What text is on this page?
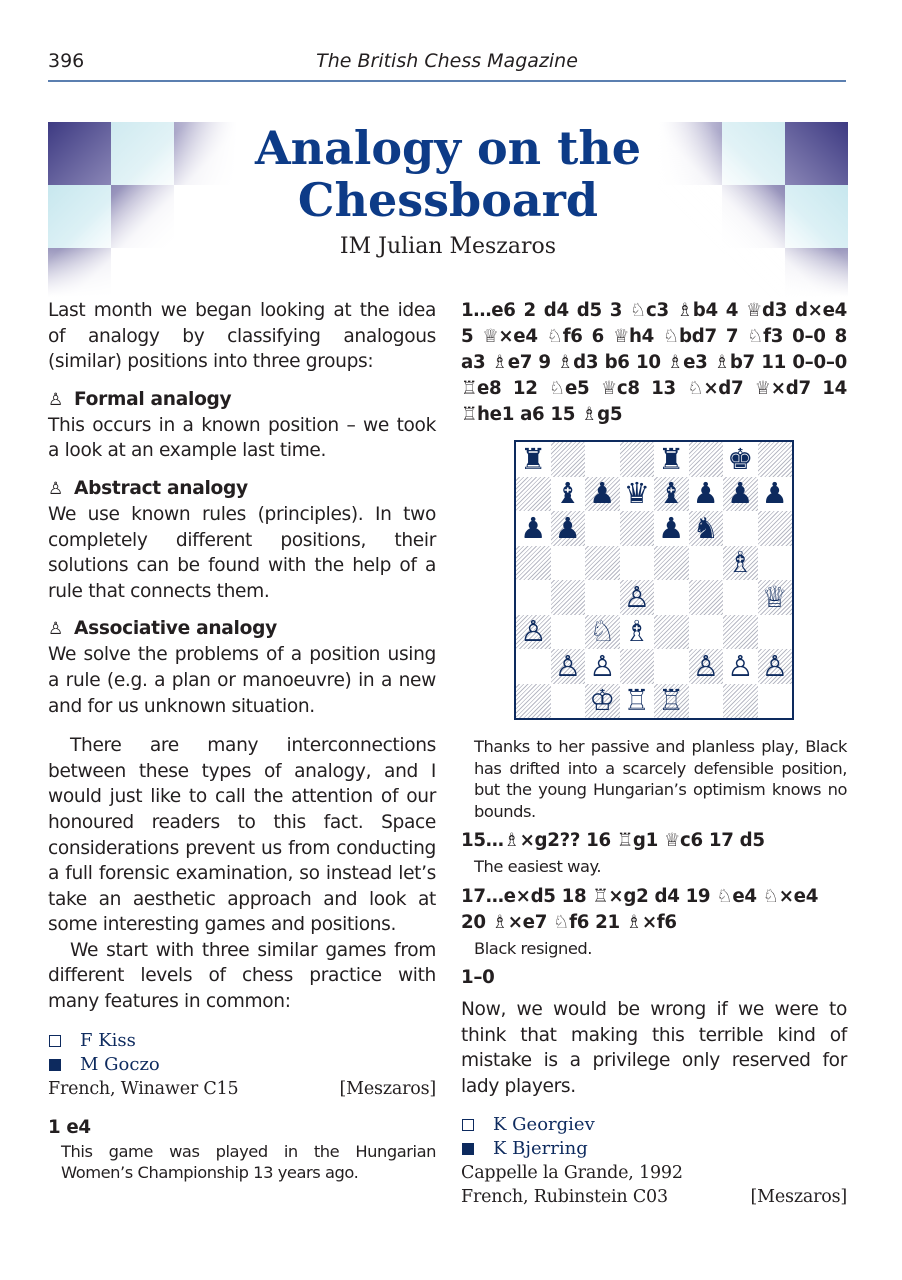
396	The British Chess Magazine
Analogy on the
Chessboard
IM Julian Meszaros

Last month we began looking at the idea of analogy by classifying analogous (similar) positions into three groups:

♙ Formal analogy

This occurs in a known position – we took a look at an example last time.

♙ Abstract analogy

We use known rules (principles). In two completely different positions, their solutions can be found with the help of a rule that connects them.

♙ Associative analogy

We solve the problems of a position using a rule (e.g. a plan or manoeuvre) in a new and for us unknown situation.

There are many interconnections between these types of analogy, and I would just like to call the attention of our honoured readers to this fact. Space considerations prevent us from conducting a full forensic examination, so instead let’s take an aesthetic approach and look at some interesting games and positions.

We start with three similar games from different levels of chess practice with many features in common:

F Kiss
M Goczo
French, Winawer C15	[Meszaros]

1 e4

This game was played in the Hungarian Women’s Championship 13 years ago.

1…e6 2 d4 d5 3 ♘c3 ♗b4 4 ♕d3 d×e4 5 ♕×e4 ♘f6 6 ♕h4 ♘bd7 7 ♘f3 0–0 8 a3 ♗e7 9 ♗d3 b6 10 ♗e3 ♗b7 11 0–0–0 ♖e8 12 ♘e5 ♕c8 13 ♘×d7 ♕×d7 14 ♖he1 a6 15 ♗g5

♜	♜ ♚
♝ ♟ ♛ ♝ ♟ ♟ ♟
♟ ♟	♟ ♞
♗
♙	♕
♙ ♘ ♗
♙ ♙	♙ ♙ ♙
♔ ♖ ♖

Thanks to her passive and planless play, Black has drifted into a scarcely defensible position, but the young Hungarian’s optimism knows no bounds.

15…♗×g2?? 16 ♖g1 ♕c6 17 d5

The easiest way.

17…e×d5 18 ♖×g2 d4 19 ♘e4 ♘×e4 20 ♗×e7 ♘f6 21 ♗×f6

Black resigned.

1–0

Now, we would be wrong if we were to think that making this terrible kind of mistake is a privilege only reserved for lady players.

K Georgiev
K Bjerring
Cappelle la Grande, 1992
French, Rubinstein C03	[Meszaros]
